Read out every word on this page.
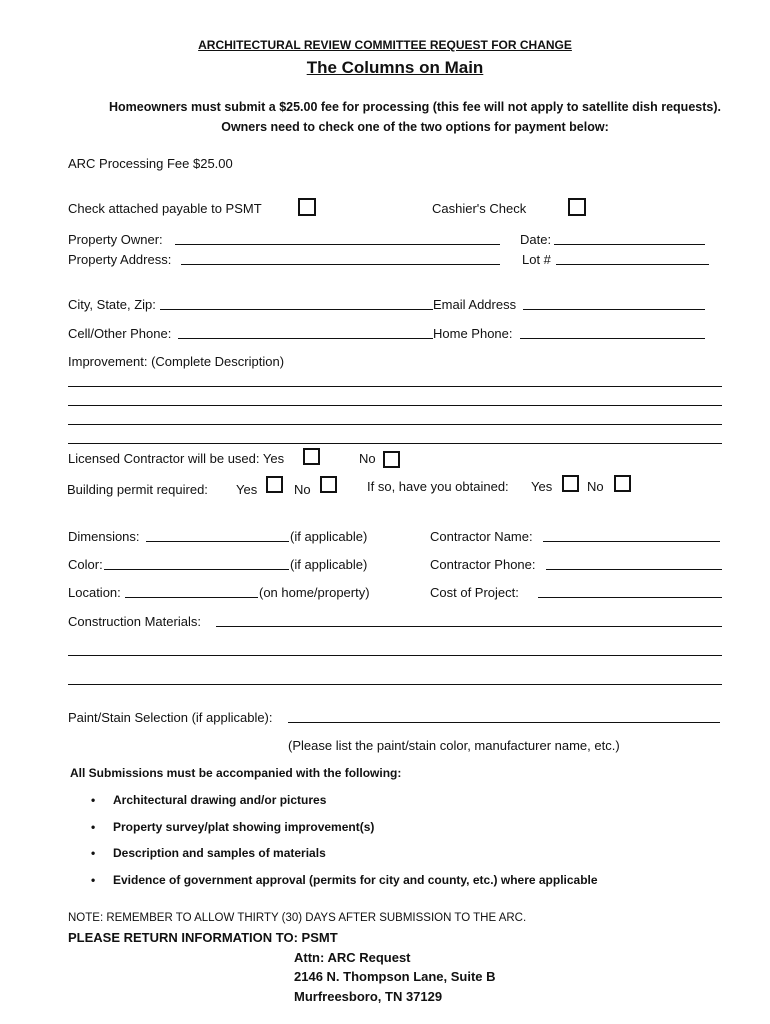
ARCHITECTURAL REVIEW COMMITTEE REQUEST FOR CHANGE
The Columns on Main
Homeowners must submit a $25.00 fee for processing (this fee will not apply to satellite dish requests).
Owners need to check one of the two options for payment below:
ARC Processing Fee $25.00
Check attached payable to PSMT	Cashier's Check
Property Owner:	Date:
Property Address:	Lot #
City, State, Zip:	Email Address
Cell/Other Phone:	Home Phone:
Improvement: (Complete Description)
Licensed Contractor will be used: Yes	No
Building permit required: Yes	No	If so, have you obtained: Yes	No
Dimensions:	(if applicable)	Contractor Name:
Color:	(if applicable)	Contractor Phone:
Location:	(on home/property)	Cost of Project:
Construction Materials:
Paint/Stain Selection (if applicable):
(Please list the paint/stain color, manufacturer name, etc.)
All Submissions must be accompanied with the following:
• Architectural drawing and/or pictures
• Property survey/plat showing improvement(s)
• Description and samples of materials
• Evidence of government approval (permits for city and county, etc.) where applicable
NOTE: REMEMBER TO ALLOW THIRTY (30) DAYS AFTER SUBMISSION TO THE ARC.
PLEASE RETURN INFORMATION TO: PSMT
Attn: ARC Request
2146 N. Thompson Lane, Suite B
Murfreesboro, TN 37129
